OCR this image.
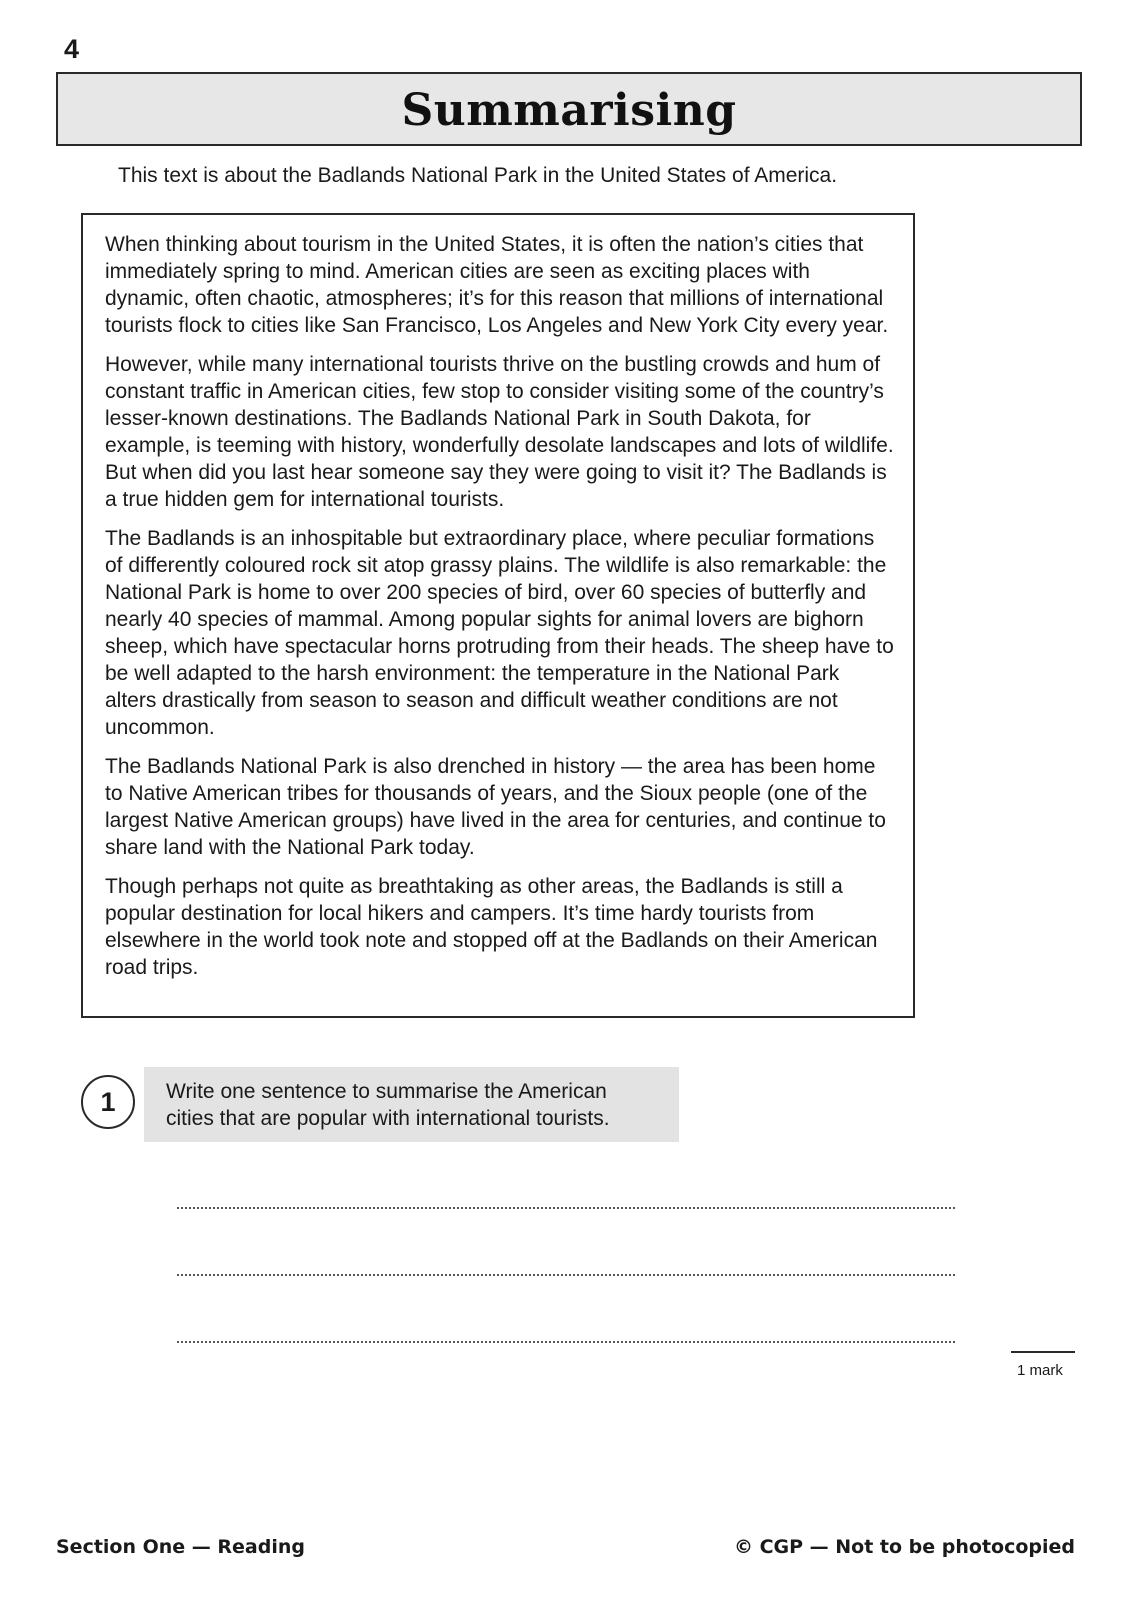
4
Summarising
This text is about the Badlands National Park in the United States of America.

When thinking about tourism in the United States, it is often the nation’s cities that immediately spring to mind. American cities are seen as exciting places with dynamic, often chaotic, atmospheres; it’s for this reason that millions of international tourists flock to cities like San Francisco, Los Angeles and New York City every year.

However, while many international tourists thrive on the bustling crowds and hum of constant traffic in American cities, few stop to consider visiting some of the country’s lesser-known destinations. The Badlands National Park in South Dakota, for example, is teeming with history, wonderfully desolate landscapes and lots of wildlife. But when did you last hear someone say they were going to visit it? The Badlands is a true hidden gem for international tourists.

The Badlands is an inhospitable but extraordinary place, where peculiar formations of differently coloured rock sit atop grassy plains. The wildlife is also remarkable: the National Park is home to over 200 species of bird, over 60 species of butterfly and nearly 40 species of mammal. Among popular sights for animal lovers are bighorn sheep, which have spectacular horns protruding from their heads. The sheep have to be well adapted to the harsh environment: the temperature in the National Park alters drastically from season to season and difficult weather conditions are not uncommon.

The Badlands National Park is also drenched in history — the area has been home to Native American tribes for thousands of years, and the Sioux people (one of the largest Native American groups) have lived in the area for centuries, and continue to share land with the National Park today.

Though perhaps not quite as breathtaking as other areas, the Badlands is still a popular destination for local hikers and campers. It’s time hardy tourists from elsewhere in the world took note and stopped off at the Badlands on their American road trips.

1	Write one sentence to summarise the American cities that are popular with international tourists.
1 mark
Section One — Reading	© CGP — Not to be photocopied
